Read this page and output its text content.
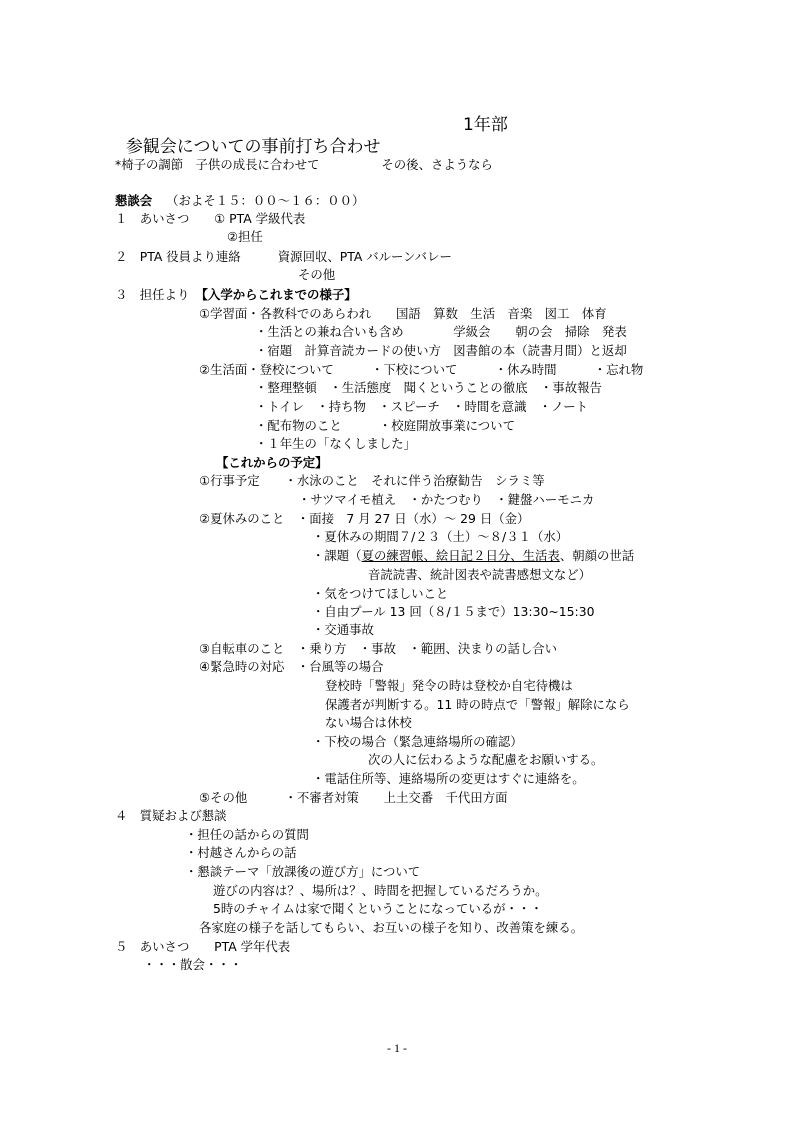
参観会についての事前打ち合わせ

1年部

*椅子の調節　子供の成長に合わせて　　　　　その後、さようなら
懇談会 （およそ１５：００～１６：００）
１　あいさつ　　① PTA 学級代表
②担任
２　PTA 役員より連絡　　　資源回収、PTA バルーンバレー
その他
３　担任より　【入学からこれまでの様子】
①学習面・各教科でのあらわれ　　国語　算数　生活　音楽　図工　体育
・生活との兼ね合いも含め　　　　学級会　　朝の会　掃除　発表
・宿題　計算音読カードの使い方　図書館の本（読書月間）と返却
②生活面・登校について　　　・下校について　　　・休み時間　　　・忘れ物
・整理整頓　・生活態度　聞くということの徹底　・事故報告
・トイレ　・持ち物　・スピーチ　・時間を意識　・ノート
・配布物のこと　　　・校庭開放事業について
・１年生の「なくしました」
【これからの予定】
①行事予定　　・水泳のこと　それに伴う治療勧告　シラミ等
・サツマイモ植え　・かたつむり　・鍵盤ハーモニカ
②夏休みのこと　・面接　7 月 27 日（水）～ 29 日（金）
・夏休みの期間７/２３（土）～８/３１（水）
・課題（夏の練習帳、絵日記２日分、生活表、朝顔の世話
音読読書、統計図表や読書感想文など）
・気をつけてほしいこと
・自由プール 13 回（８/１５まで）13:30~15:30
・交通事故
③自転車のこと　・乗り方　・事故　・範囲、決まりの話し合い
④緊急時の対応　・台風等の場合
登校時「警報」発令の時は登校か自宅待機は
保護者が判断する。11 時の時点で「警報」解除になら
ない場合は休校
・下校の場合（緊急連絡場所の確認）
次の人に伝わるような配慮をお願いする。
・電話住所等、連絡場所の変更はすぐに連絡を。
⑤その他　　　・不審者対策　　上土交番　千代田方面
４　質疑および懇談
・担任の話からの質問
・村越さんからの話
・懇談テーマ「放課後の遊び方」について
遊びの内容は？、場所は？、時間を把握しているだろうか。
5時のチャイムは家で聞くということになっているが・・・
各家庭の様子を話してもらい、お互いの様子を知り、改善策を練る。
５　あいさつ　　PTA 学年代表
・・・散会・・・
- 1 -
